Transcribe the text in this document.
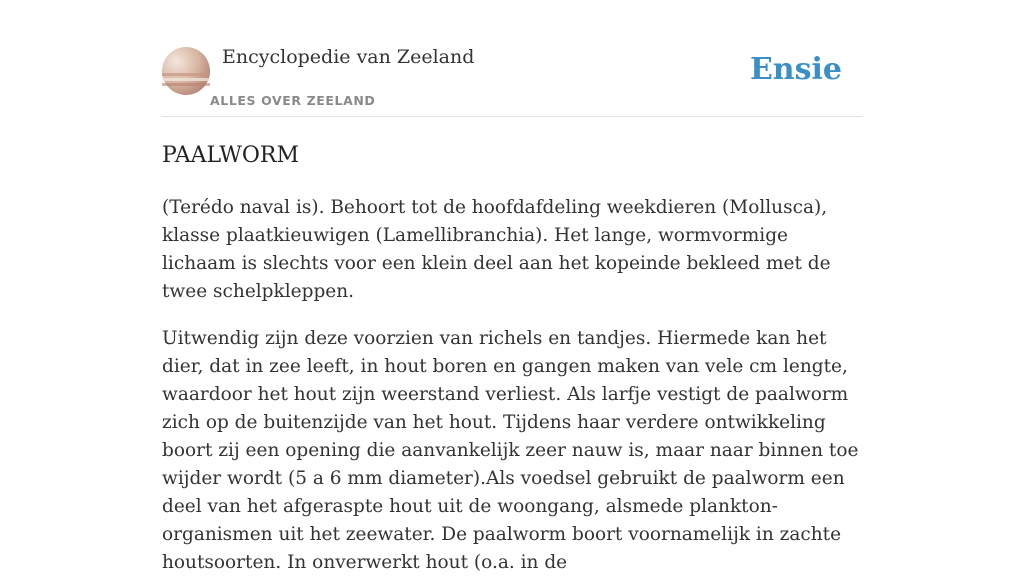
Encyclopedie van Zeeland
ALLES OVER ZEELAND
Ensie
PAALWORM

(Terédo naval is). Behoort tot de hoofdafdeling weekdieren (Mollusca), klasse plaatkieuwigen (Lamellibranchia). Het lange, wormvormige lichaam is slechts voor een klein deel aan het kopeinde bekleed met de twee schelpkleppen.

Uitwendig zijn deze voorzien van richels en tandjes. Hiermede kan het dier, dat in zee leeft, in hout boren en gangen maken van vele cm lengte, waardoor het hout zijn weerstand verliest. Als larfje vestigt de paalworm zich op de buitenzijde van het hout. Tijdens haar verdere ontwikkeling boort zij een opening die aanvankelijk zeer nauw is, maar naar binnen toe wijder wordt (5 a 6 mm diameter).Als voedsel gebruikt de paalworm een deel van het afgeraspte hout uit de woongang, alsmede plankton-organismen uit het zeewater. De paalworm boort voornamelijk in zachte houtsoorten. In onverwerkt hout (o.a. in de
